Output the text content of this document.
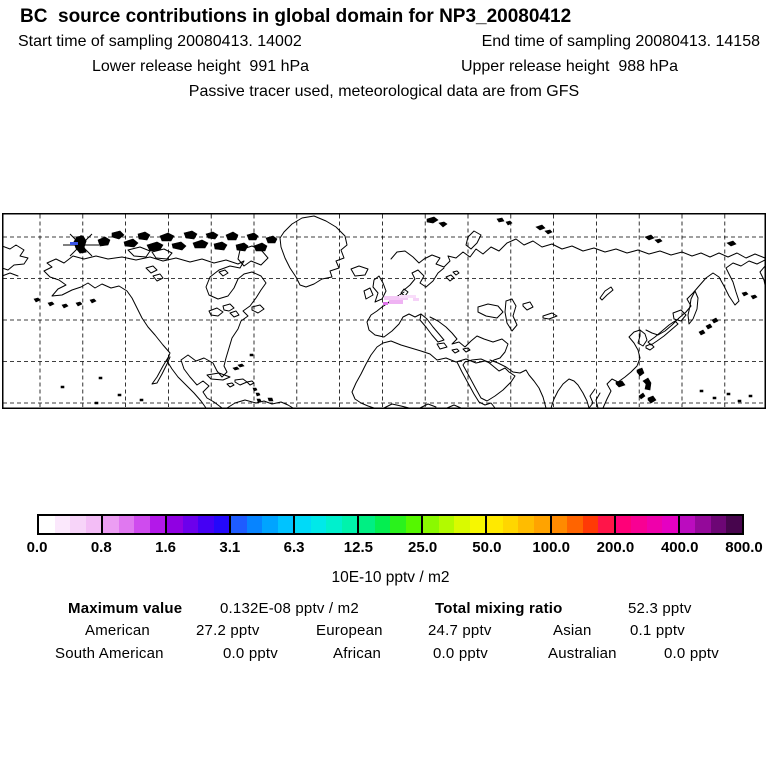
BC  source contributions in global domain for NP3_20080412
Start time of sampling 20080413. 14002	End time of sampling 20080413. 14158
Lower release height  991 hPa	Upper release height  988 hPa
Passive tracer used, meteorological data are from GFS
0.0	0.8	1.6	3.1	6.3	12.5 25.0 50.0 100.0 200.0 400.0 800.0
10E-10 pptv / m2
Maximum value	0.132E-08 pptv / m2	Total mixing ratio	52.3 pptv
American	27.2 pptv	European	24.7 pptv	Asian	0.1 pptv
South American	0.0 pptv	African	0.0 pptv	Australian	0.0 pptv
